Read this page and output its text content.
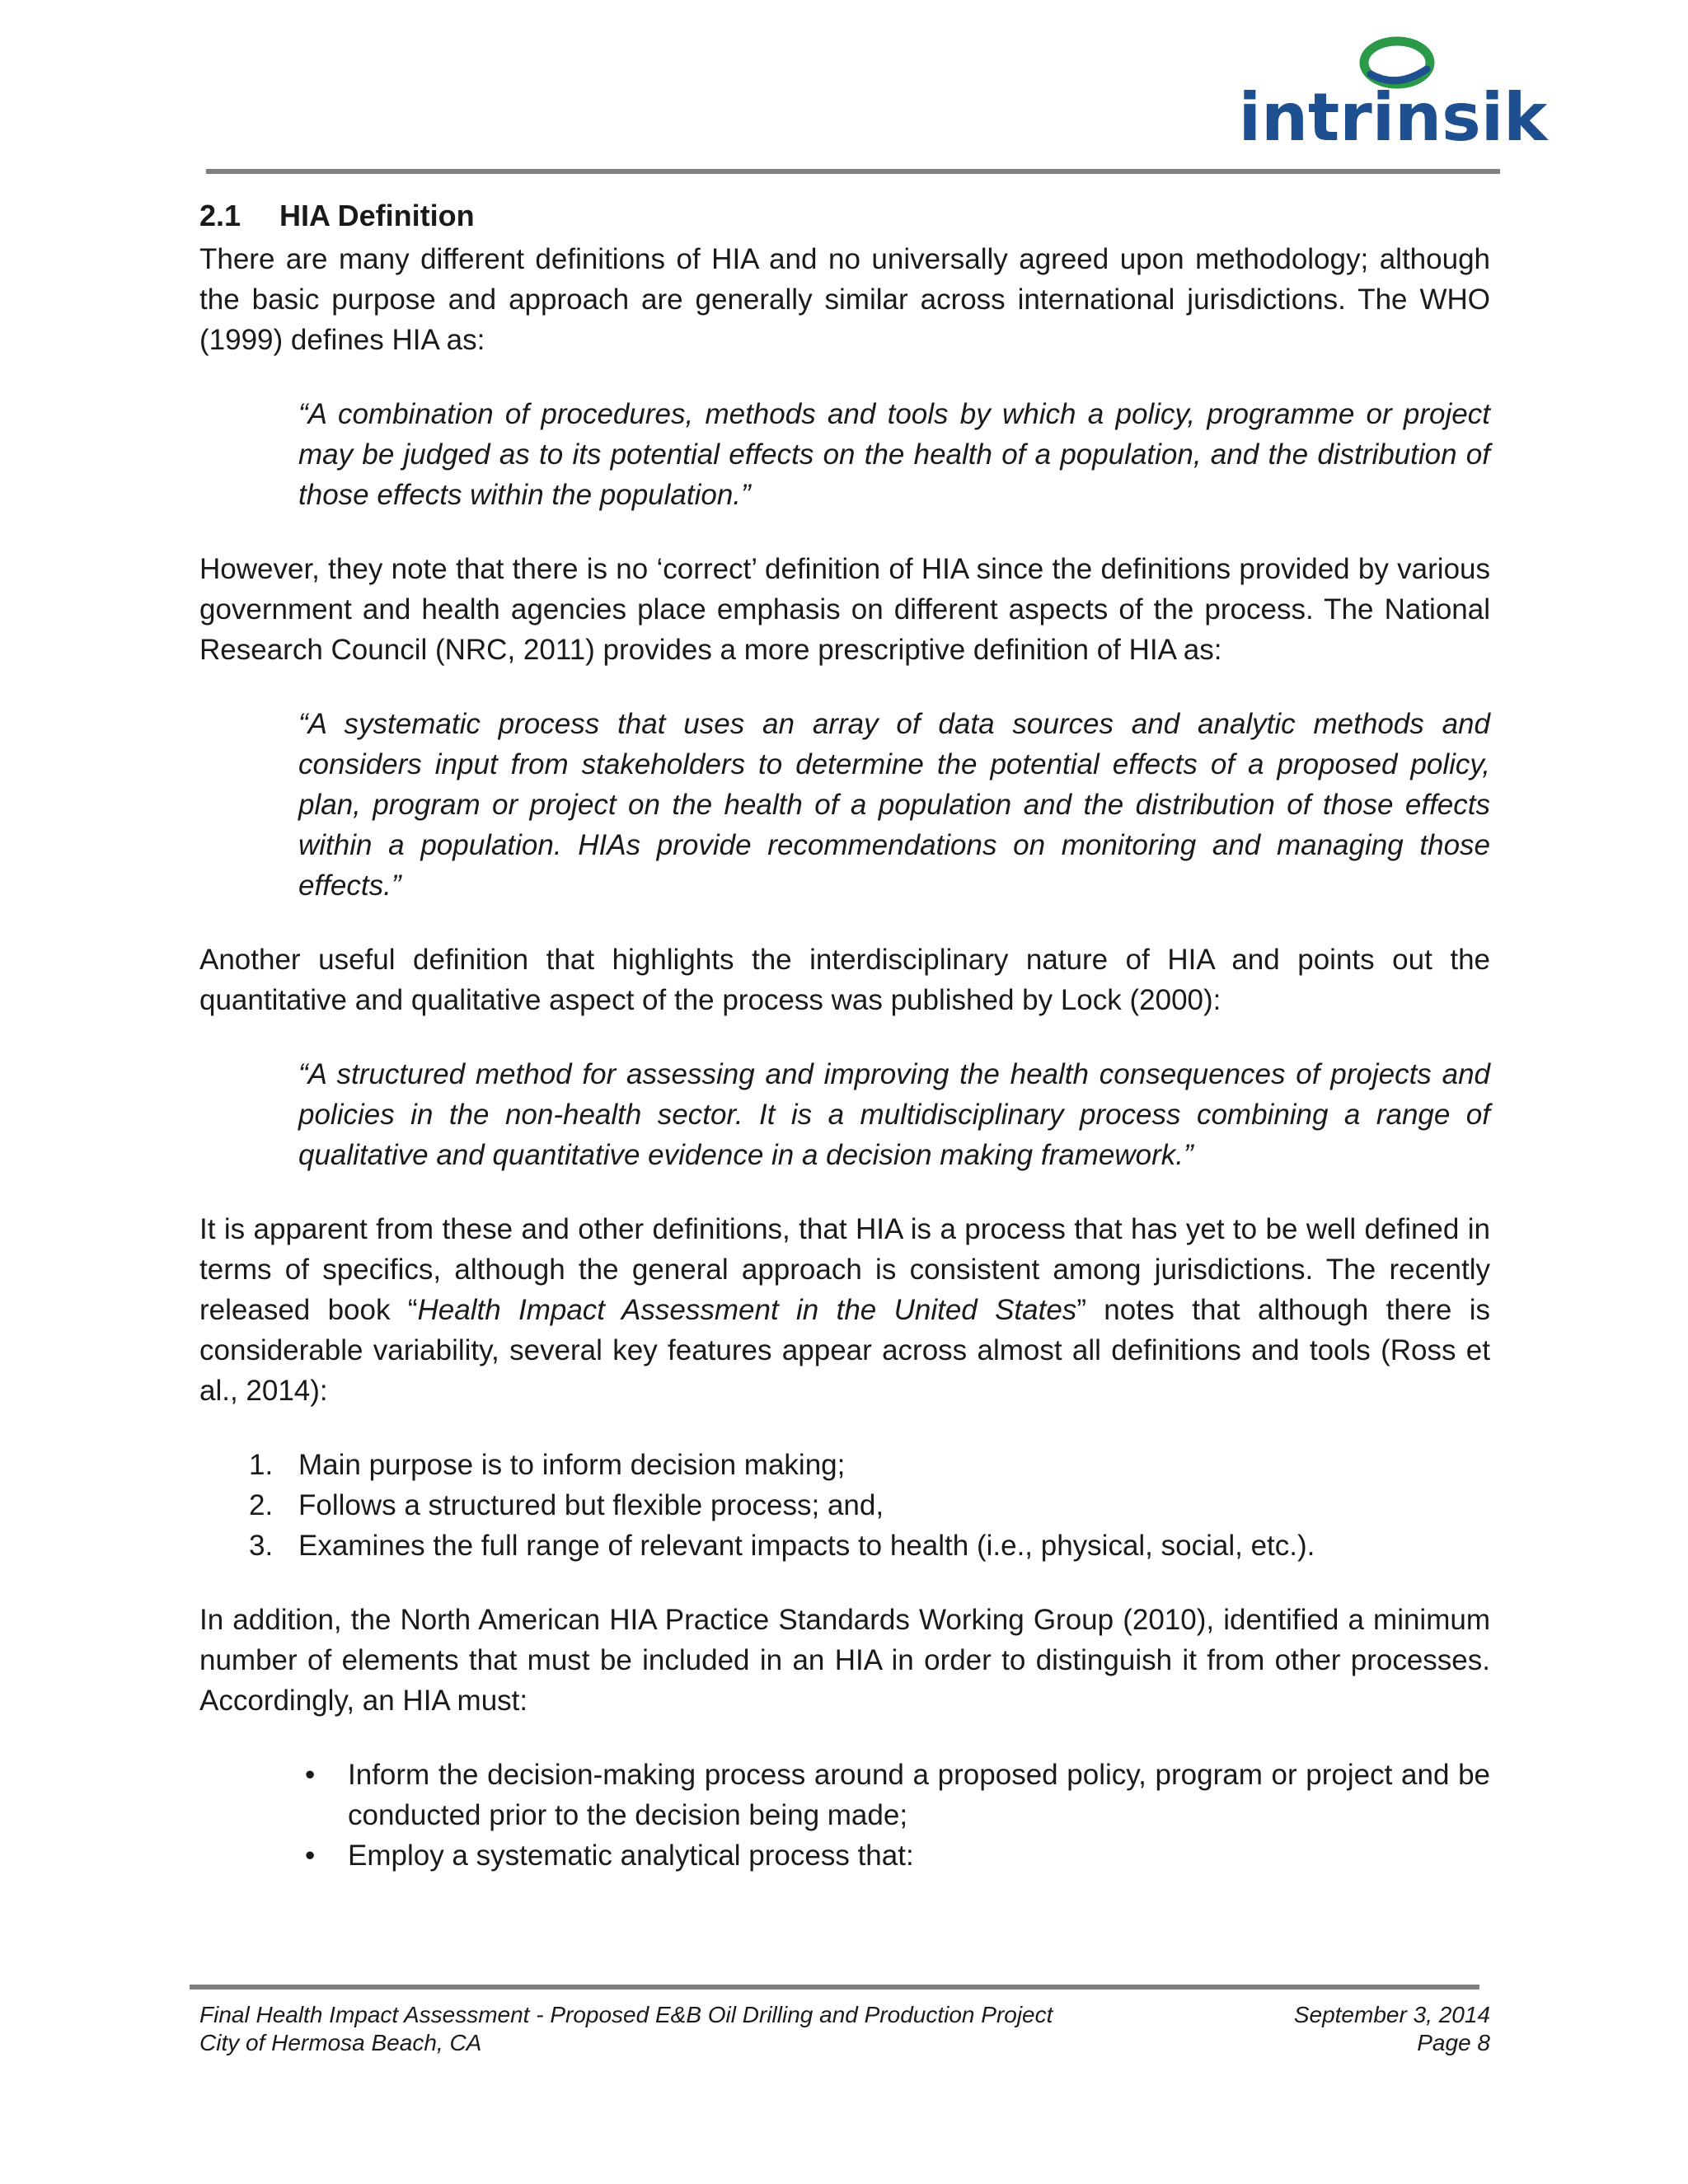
intrinsik
2.1	HIA Definition

There are many different definitions of HIA and no universally agreed upon methodology; although the basic purpose and approach are generally similar across international jurisdictions. The WHO (1999) defines HIA as:

“A combination of procedures, methods and tools by which a policy, programme or project may be judged as to its potential effects on the health of a population, and the distribution of those effects within the population.”

However, they note that there is no ‘correct’ definition of HIA since the definitions provided by various government and health agencies place emphasis on different aspects of the process. The National Research Council (NRC, 2011) provides a more prescriptive definition of HIA as:

“A systematic process that uses an array of data sources and analytic methods and considers input from stakeholders to determine the potential effects of a proposed policy, plan, program or project on the health of a population and the distribution of those effects within a population. HIAs provide recommendations on monitoring and managing those effects.”

Another useful definition that highlights the interdisciplinary nature of HIA and points out the quantitative and qualitative aspect of the process was published by Lock (2000):

“A structured method for assessing and improving the health consequences of projects and policies in the non-health sector. It is a multidisciplinary process combining a range of qualitative and quantitative evidence in a decision making framework.”

It is apparent from these and other definitions, that HIA is a process that has yet to be well defined in terms of specifics, although the general approach is consistent among jurisdictions. The recently released book “Health Impact Assessment in the United States” notes that although there is considerable variability, several key features appear across almost all definitions and tools (Ross et al., 2014):

1. Main purpose is to inform decision making;
2. Follows a structured but flexible process; and,
3. Examines the full range of relevant impacts to health (i.e., physical, social, etc.).

In addition, the North American HIA Practice Standards Working Group (2010), identified a minimum number of elements that must be included in an HIA in order to distinguish it from other processes. Accordingly, an HIA must:

• Inform the decision-making process around a proposed policy, program or project and be conducted prior to the decision being made;
• Employ a systematic analytical process that:
Final Health Impact Assessment - Proposed E&B Oil Drilling and Production Project	September 3, 2014
City of Hermosa Beach, CA	Page 8
